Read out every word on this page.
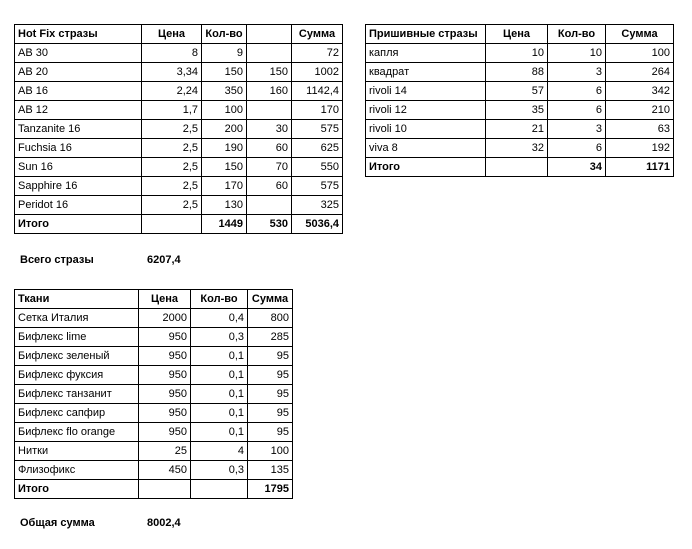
Hot Fix стразы	Цена	Кол-во		Сумма
AB 30	8	9		72
AB 20	3,34	150	150	1002
AB 16	2,24	350	160	1142,4
AB 12	1,7	100		170
Tanzanite 16	2,5	200	30	575
Fuchsia 16	2,5	190	60	625
Sun 16	2,5	150	70	550
Sapphire 16	2,5	170	60	575
Peridot 16	2,5	130		325
Итого		1449	530	5036,4
Пришивные стразы	Цена	Кол-во	Сумма
капля	10	10	100
квадрат	88	3	264
rivoli 14	57	6	342
rivoli 12	35	6	210
rivoli 10	21	3	63
viva 8	32	6	192
Итого		34	1171
Всего стразы	6207,4
Ткани	Цена	Кол-во	Сумма
Сетка Италия	2000	0,4	800
Бифлекс lime	950	0,3	285
Бифлекс зеленый	950	0,1	95
Бифлекс фуксия	950	0,1	95
Бифлекс танзанит	950	0,1	95
Бифлекс сапфир	950	0,1	95
Бифлекс flo orange	950	0,1	95
Нитки	25	4	100
Флизофикс	450	0,3	135
Итого			1795
Общая сумма	8002,4
